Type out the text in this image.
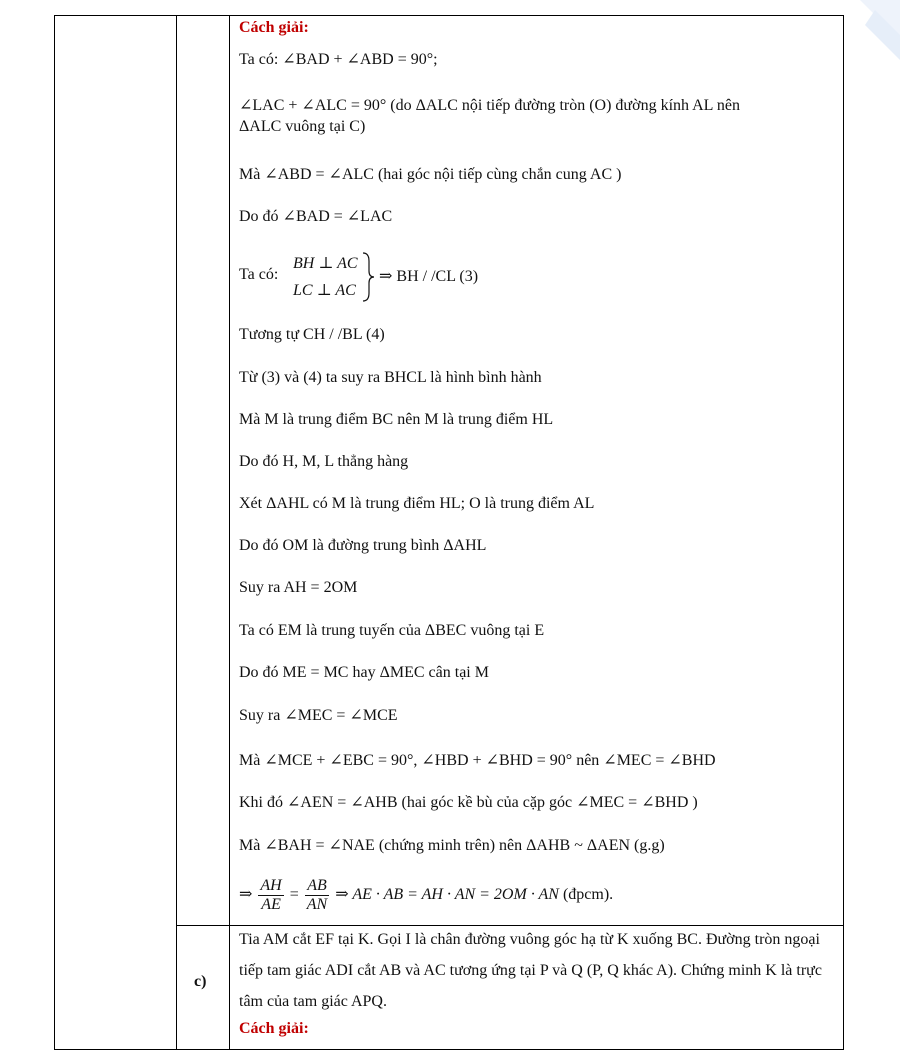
Cách giải:
Ta có: ∠BAD + ∠ABD = 90°;
∠LAC + ∠ALC = 90° (do ΔALC nội tiếp đường tròn (O) đường kính AL nên
ΔALC vuông tại C)
Mà ∠ABD = ∠ALC (hai góc nội tiếp cùng chắn cung AC )
Do đó ∠BAD = ∠LAC
Ta có:
BH ⊥ AC
LC ⊥ AC
⇒ BH / /CL (3)
Tương tự CH / /BL (4)
Từ (3) và (4) ta suy ra BHCL là hình bình hành
Mà M là trung điểm BC nên M là trung điểm HL
Do đó H, M, L thẳng hàng
Xét ΔAHL có M là trung điểm HL; O là trung điểm AL
Do đó OM là đường trung bình ΔAHL
Suy ra AH = 2OM
Ta có EM là trung tuyến của ΔBEC vuông tại E
Do đó ME = MC hay ΔMEC cân tại M
Suy ra ∠MEC = ∠MCE
Mà ∠MCE + ∠EBC = 90°, ∠HBD + ∠BHD = 90° nên ∠MEC = ∠BHD
Khi đó ∠AEN = ∠AHB (hai góc kề bù của cặp góc ∠MEC = ∠BHD )
Mà ∠BAH = ∠NAE (chứng minh trên) nên ΔAHB ~ ΔAEN (g.g)
⇒ $\frac{AH}{AE} = \frac{AB}{AN}$ ⇒ AE · AB = AH · AN = 2OM · AN (đpcm).
Tia AM cắt EF tại K. Gọi I là chân đường vuông góc hạ từ K xuống BC. Đường tròn ngoại tiếp tam giác ADI cắt AB và AC tương ứng tại P và Q (P, Q khác A). Chứng minh K là trực tâm của tam giác APQ.
Cách giải:
c)
